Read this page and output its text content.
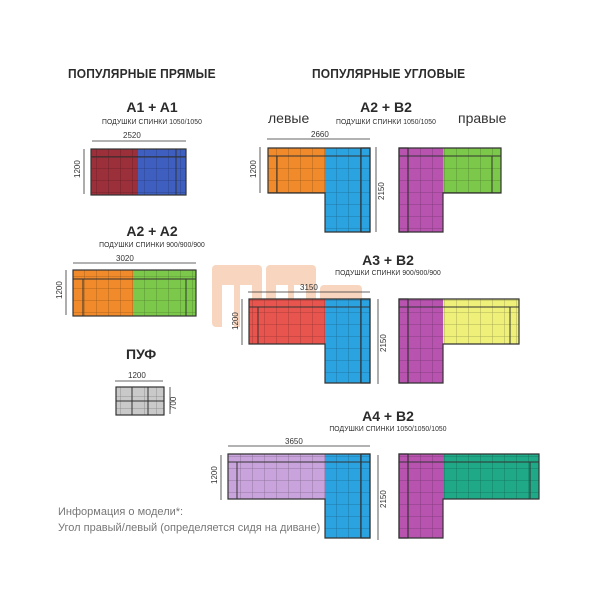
ПОПУЛЯРНЫЕ ПРЯМЫЕ	ПОПУЛЯРНЫЕ УГЛОВЫЕ
A1 + A1
ПОДУШКИ СПИНКИ 1050/1050
A2 + A2
ПОДУШКИ СПИНКИ 900/900/900
ПУФ
A2 + B2
ПОДУШКИ СПИНКИ 1050/1050
A3 + B2
ПОДУШКИ СПИНКИ 900/900/900
A4 + B2
ПОДУШКИ СПИНКИ 1050/1050/1050
левые	правые
Информация о модели*:
Угол правый/левый (определяется сидя на диване)
2520
1200
3020
1200
1200
700
2660
1200
2150
3150
1200
2150
3650
1200
2150
